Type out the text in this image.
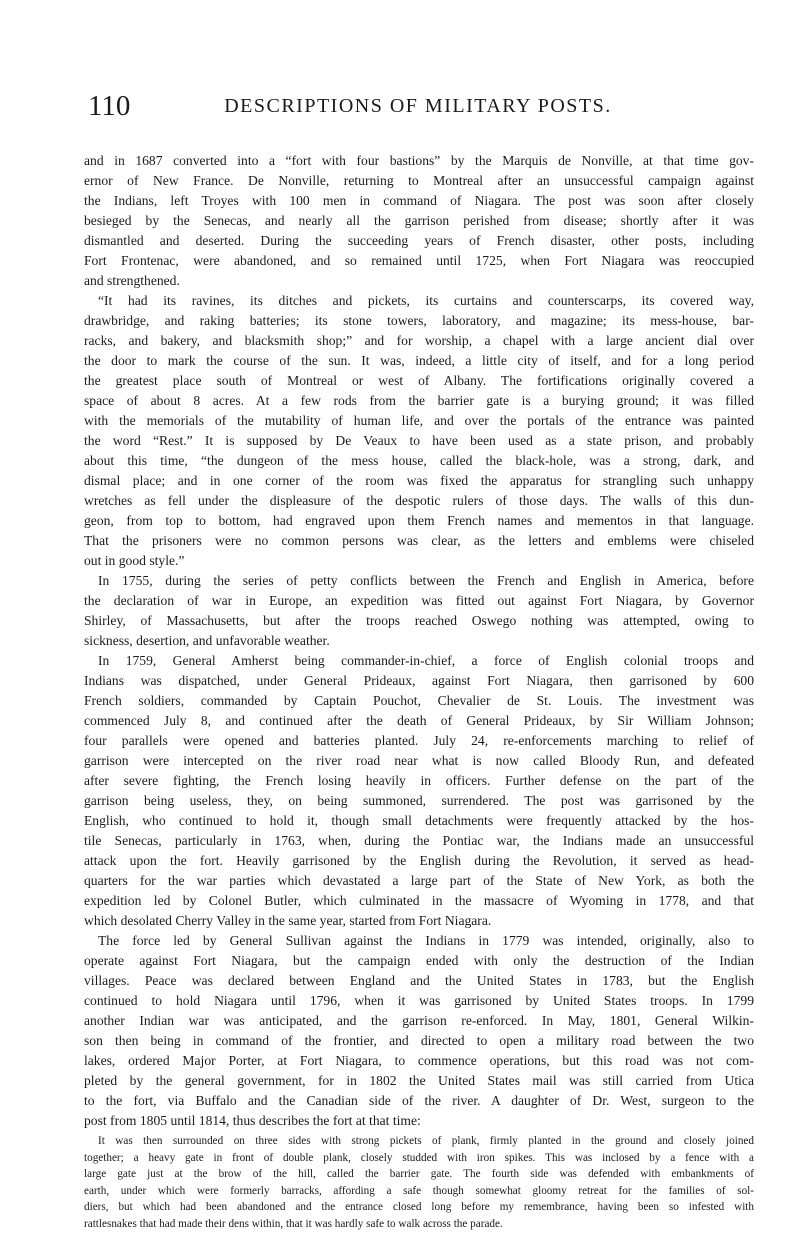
110	DESCRIPTIONS OF MILITARY POSTS.
and in 1687 converted into a “fort with four bastions” by the Marquis de Nonville, at that time gov-
ernor of New France. De Nonville, returning to Montreal after an unsuccessful campaign against
the Indians, left Troyes with 100 men in command of Niagara. The post was soon after closely
besieged by the Senecas, and nearly all the garrison perished from disease; shortly after it was
dismantled and deserted. During the succeeding years of French disaster, other posts, including
Fort Frontenac, were abandoned, and so remained until 1725, when Fort Niagara was reoccupied
and strengthened.
“It had its ravines, its ditches and pickets, its curtains and counterscarps, its covered way,
drawbridge, and raking batteries; its stone towers, laboratory, and magazine; its mess-house, bar-
racks, and bakery, and blacksmith shop;” and for worship, a chapel with a large ancient dial over
the door to mark the course of the sun. It was, indeed, a little city of itself, and for a long period
the greatest place south of Montreal or west of Albany. The fortifications originally covered a
space of about 8 acres. At a few rods from the barrier gate is a burying ground; it was filled
with the memorials of the mutability of human life, and over the portals of the entrance was painted
the word “Rest.” It is supposed by De Veaux to have been used as a state prison, and probably
about this time, “the dungeon of the mess house, called the black-hole, was a strong, dark, and
dismal place; and in one corner of the room was fixed the apparatus for strangling such unhappy
wretches as fell under the displeasure of the despotic rulers of those days. The walls of this dun-
geon, from top to bottom, had engraved upon them French names and mementos in that language.
That the prisoners were no common persons was clear, as the letters and emblems were chiseled
out in good style.”
In 1755, during the series of petty conflicts between the French and English in America, before
the declaration of war in Europe, an expedition was fitted out against Fort Niagara, by Governor
Shirley, of Massachusetts, but after the troops reached Oswego nothing was attempted, owing to
sickness, desertion, and unfavorable weather.
In 1759, General Amherst being commander-in-chief, a force of English colonial troops and
Indians was dispatched, under General Prideaux, against Fort Niagara, then garrisoned by 600
French soldiers, commanded by Captain Pouchot, Chevalier de St. Louis. The investment was
commenced July 8, and continued after the death of General Prideaux, by Sir William Johnson;
four parallels were opened and batteries planted. July 24, re-enforcements marching to relief of
garrison were intercepted on the river road near what is now called Bloody Run, and defeated
after severe fighting, the French losing heavily in officers. Further defense on the part of the
garrison being useless, they, on being summoned, surrendered. The post was garrisoned by the
English, who continued to hold it, though small detachments were frequently attacked by the hos-
tile Senecas, particularly in 1763, when, during the Pontiac war, the Indians made an unsuccessful
attack upon the fort. Heavily garrisoned by the English during the Revolution, it served as head-
quarters for the war parties which devastated a large part of the State of New York, as both the
expedition led by Colonel Butler, which culminated in the massacre of Wyoming in 1778, and that
which desolated Cherry Valley in the same year, started from Fort Niagara.
The force led by General Sullivan against the Indians in 1779 was intended, originally, also to
operate against Fort Niagara, but the campaign ended with only the destruction of the Indian
villages. Peace was declared between England and the United States in 1783, but the English
continued to hold Niagara until 1796, when it was garrisoned by United States troops. In 1799
another Indian war was anticipated, and the garrison re-enforced. In May, 1801, General Wilkin-
son then being in command of the frontier, and directed to open a military road between the two
lakes, ordered Major Porter, at Fort Niagara, to commence operations, but this road was not com-
pleted by the general government, for in 1802 the United States mail was still carried from Utica
to the fort, via Buffalo and the Canadian side of the river. A daughter of Dr. West, surgeon to the
post from 1805 until 1814, thus describes the fort at that time:
It was then surrounded on three sides with strong pickets of plank, firmly planted in the ground and closely joined
together; a heavy gate in front of double plank, closely studded with iron spikes. This was inclosed by a fence with a
large gate just at the brow of the hill, called the barrier gate. The fourth side was defended with embankments of
earth, under which were formerly barracks, affording a safe though somewhat gloomy retreat for the families of sol-
diers, but which had been abandoned and the entrance closed long before my remembrance, having been so infested with
rattlesnakes that had made their dens within, that it was hardly safe to walk across the parade.
